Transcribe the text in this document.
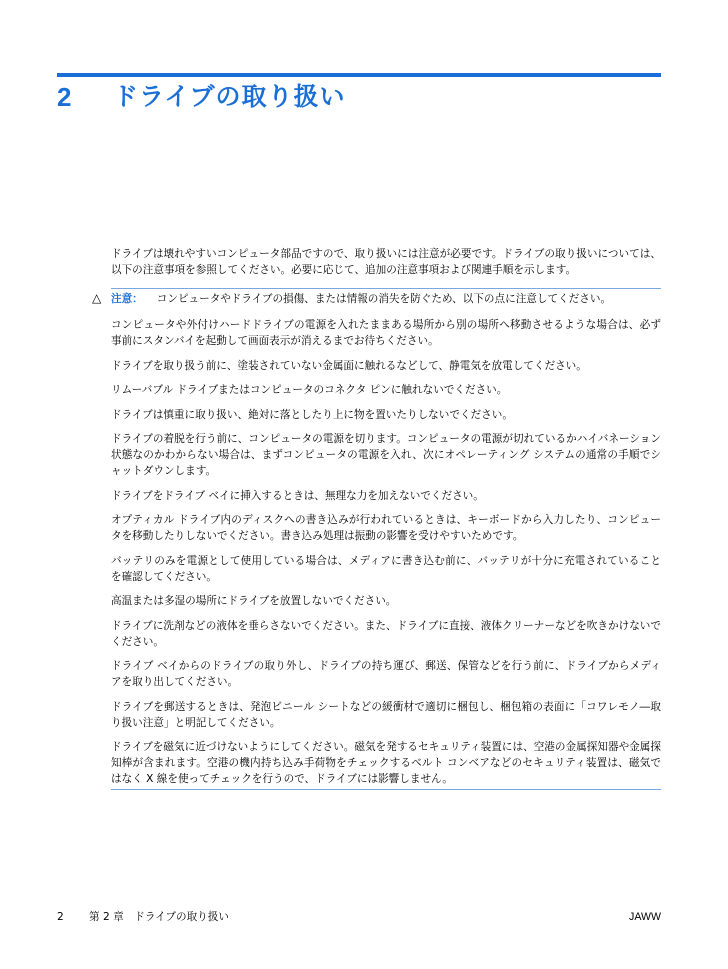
2 ドライブの取り扱い

ドライブは壊れやすいコンピュータ部品ですので、取り扱いには注意が必要です。ドライブの取り扱いについては、以下の注意事項を参照してください。必要に応じて、追加の注意事項および関連手順を示します。

△ 注意： コンピュータやドライブの損傷、または情報の消失を防ぐため、以下の点に注意してください。

コンピュータや外付けハードドライブの電源を入れたままある場所から別の場所へ移動させるような場合は、必ず事前にスタンバイを起動して画面表示が消えるまでお待ちください。

ドライブを取り扱う前に、塗装されていない金属面に触れるなどして、静電気を放電してください。

リムーバブル ドライブまたはコンピュータのコネクタ ピンに触れないでください。

ドライブは慎重に取り扱い、絶対に落としたり上に物を置いたりしないでください。

ドライブの着脱を行う前に、コンピュータの電源を切ります。コンピュータの電源が切れているかハイバネーション状態なのかわからない場合は、まずコンピュータの電源を入れ、次にオペレーティング システムの通常の手順でシャットダウンします。

ドライブをドライブ ベイに挿入するときは、無理な力を加えないでください。

オプティカル ドライブ内のディスクへの書き込みが行われているときは、キーボードから入力したり、コンピュータを移動したりしないでください。書き込み処理は振動の影響を受けやすいためです。

バッテリのみを電源として使用している場合は、メディアに書き込む前に、バッテリが十分に充電されていることを確認してください。

高温または多湿の場所にドライブを放置しないでください。

ドライブに洗剤などの液体を垂らさないでください。また、ドライブに直接、液体クリーナーなどを吹きかけないでください。

ドライブ ベイからのドライブの取り外し、ドライブの持ち運び、郵送、保管などを行う前に、ドライブからメディアを取り出してください。

ドライブを郵送するときは、発泡ビニール シートなどの緩衝材で適切に梱包し、梱包箱の表面に「コワレモノ―取り扱い注意」と明記してください。

ドライブを磁気に近づけないようにしてください。磁気を発するセキュリティ装置には、空港の金属探知器や金属探知棒が含まれます。空港の機内持ち込み手荷物をチェックするベルト コンベアなどのセキュリティ装置は、磁気ではなく X 線を使ってチェックを行うので、ドライブには影響しません。

2 第 2 章　ドライブの取り扱い	JAWW
